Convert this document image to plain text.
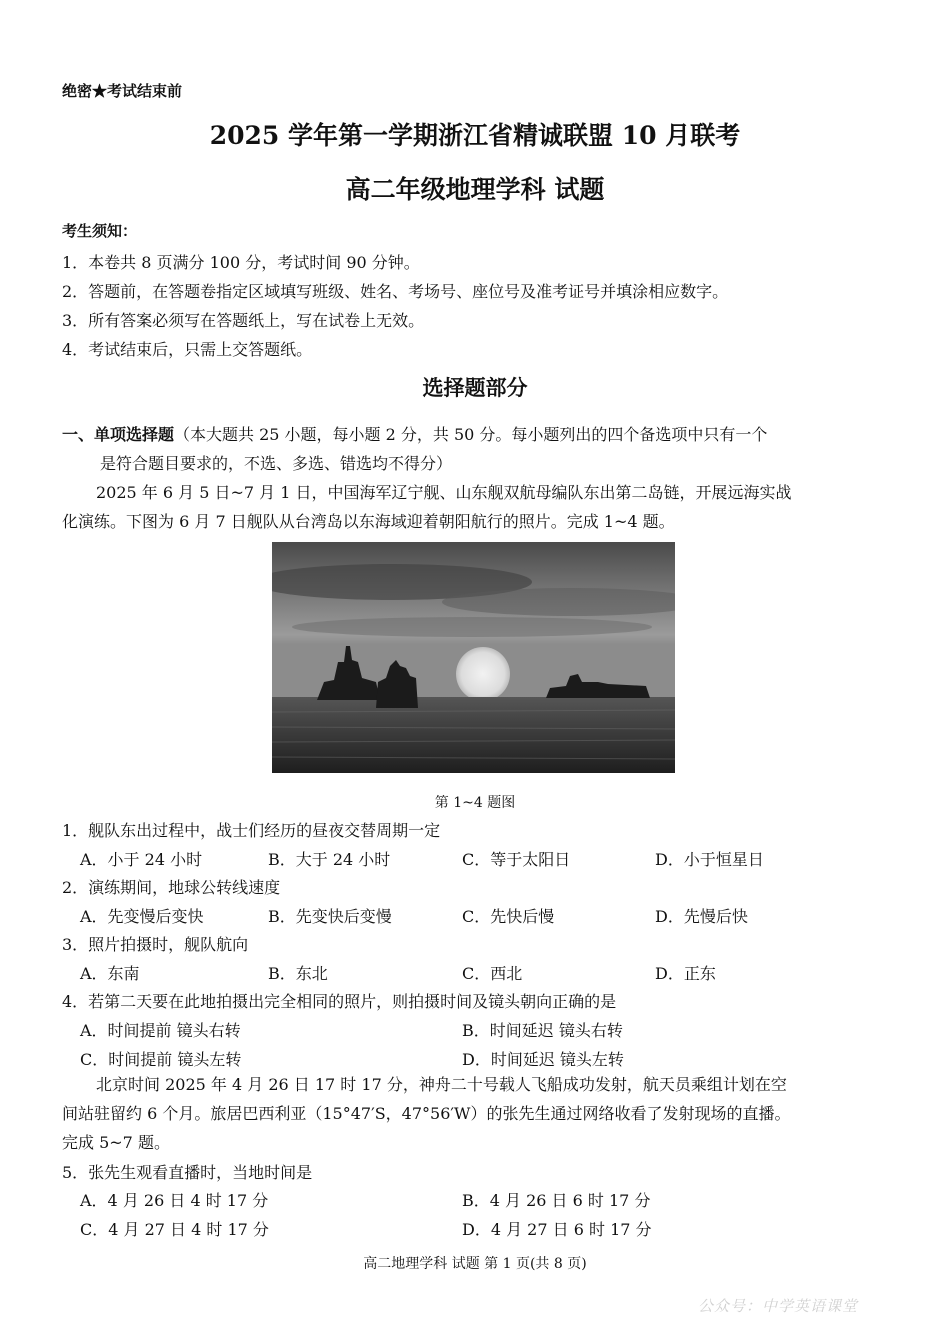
绝密★考试结束前
2025 学年第一学期浙江省精诚联盟 10 月联考
高二年级地理学科 试题
考生须知：
1．本卷共 8 页满分 100 分，考试时间 90 分钟。
2．答题前，在答题卷指定区域填写班级、姓名、考场号、座位号及准考证号并填涂相应数字。
3．所有答案必须写在答题纸上，写在试卷上无效。
4．考试结束后，只需上交答题纸。
选择题部分
一、单项选择题（本大题共 25 小题，每小题 2 分，共 50 分。每小题列出的四个备选项中只有一个
是符合题目要求的，不选、多选、错选均不得分）
2025 年 6 月 5 日~7 月 1 日，中国海军辽宁舰、山东舰双航母编队东出第二岛链，开展远海实战
化演练。下图为 6 月 7 日舰队从台湾岛以东海域迎着朝阳航行的照片。完成 1~4 题。
第 1~4 题图
1．舰队东出过程中，战士们经历的昼夜交替周期一定
A．小于 24 小时	B．大于 24 小时	C．等于太阳日	D．小于恒星日
2．演练期间，地球公转线速度
A．先变慢后变快	B．先变快后变慢	C．先快后慢	D．先慢后快
3．照片拍摄时，舰队航向
A．东南	B．东北	C．西北	D．正东
4．若第二天要在此地拍摄出完全相同的照片，则拍摄时间及镜头朝向正确的是
A．时间提前 镜头右转	B．时间延迟 镜头右转
C．时间提前 镜头左转	D．时间延迟 镜头左转
北京时间 2025 年 4 月 26 日 17 时 17 分，神舟二十号载人飞船成功发射，航天员乘组计划在空
间站驻留约 6 个月。旅居巴西利亚（15°47′S，47°56′W）的张先生通过网络收看了发射现场的直播。
完成 5~7 题。
5．张先生观看直播时，当地时间是
A．4 月 26 日 4 时 17 分	B．4 月 26 日 6 时 17 分
C．4 月 27 日 4 时 17 分	D．4 月 27 日 6 时 17 分
高二地理学科 试题 第 1 页(共 8 页)
公众号：中学英语课堂
